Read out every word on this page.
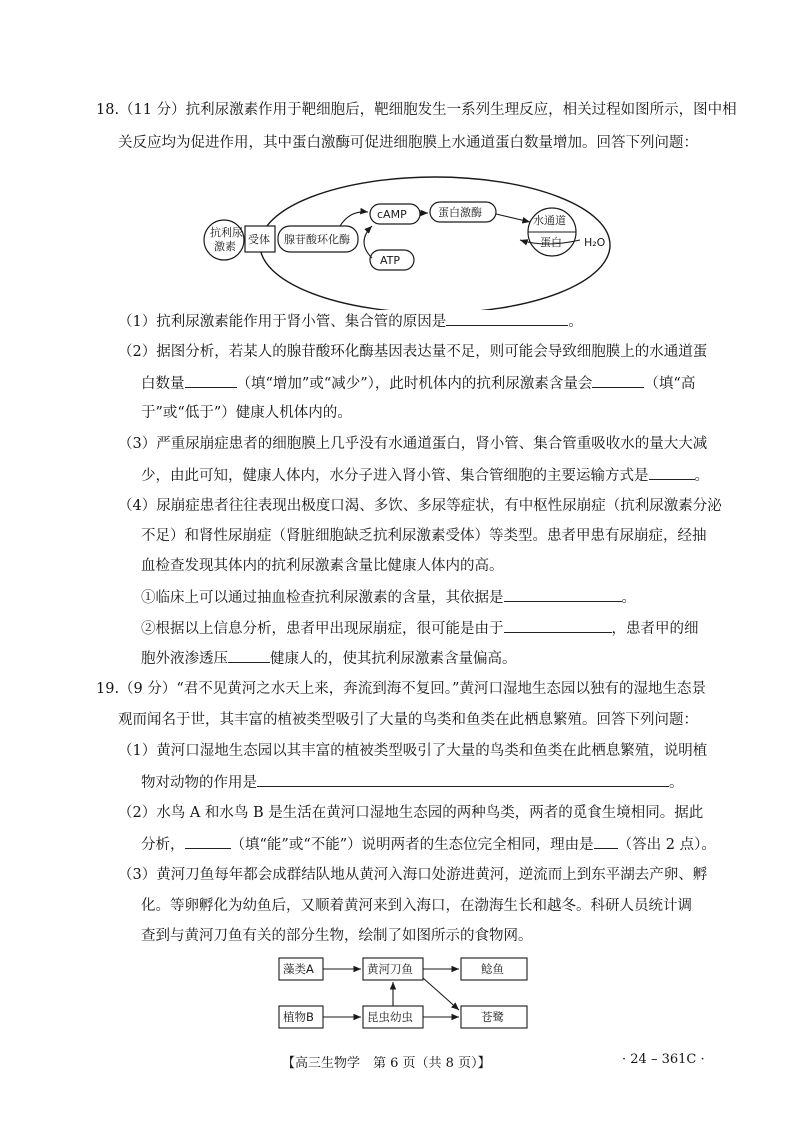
18.（11 分）抗利尿激素作用于靶细胞后，靶细胞发生一系列生理反应，相关过程如图所示，图中相
关反应均为促进作用，其中蛋白激酶可促进细胞膜上水通道蛋白数量增加。回答下列问题：
抗利尿
激素
受体 腺苷酸环化酶
cAMP
ATP
蛋白激酶
水通道
蛋白 H₂O
（1）抗利尿激素能作用于肾小管、集合管的原因是	。
（2）据图分析，若某人的腺苷酸环化酶基因表达量不足，则可能会导致细胞膜上的水通道蛋
白数量	（填“增加”或“减少”），此时机体内的抗利尿激素含量会	（填“高
于”或“低于”）健康人机体内的。
（3）严重尿崩症患者的细胞膜上几乎没有水通道蛋白，肾小管、集合管重吸收水的量大大减
少，由此可知，健康人体内，水分子进入肾小管、集合管细胞的主要运输方式是	。
（4）尿崩症患者往往表现出极度口渴、多饮、多尿等症状，有中枢性尿崩症（抗利尿激素分泌
不足）和肾性尿崩症（肾脏细胞缺乏抗利尿激素受体）等类型。患者甲患有尿崩症，经抽
血检查发现其体内的抗利尿激素含量比健康人体内的高。
①临床上可以通过抽血检查抗利尿激素的含量，其依据是	。
②根据以上信息分析，患者甲出现尿崩症，很可能是由于	，患者甲的细
胞外液渗透压	健康人的，使其抗利尿激素含量偏高。
19.（9 分）“君不见黄河之水天上来，奔流到海不复回。”黄河口湿地生态园以独有的湿地生态景
观而闻名于世，其丰富的植被类型吸引了大量的鸟类和鱼类在此栖息繁殖。回答下列问题：
（1）黄河口湿地生态园以其丰富的植被类型吸引了大量的鸟类和鱼类在此栖息繁殖，说明植
物对动物的作用是	。
（2）水鸟 A 和水鸟 B 是生活在黄河口湿地生态园的两种鸟类，两者的觅食生境相同。据此
分析，	（填“能”或“不能”）说明两者的生态位完全相同，理由是 （答出 2 点）。
（3）黄河刀鱼每年都会成群结队地从黄河入海口处游进黄河，逆流而上到东平湖去产卵、孵
化。等卵孵化为幼鱼后，又顺着黄河来到入海口，在渤海生长和越冬。科研人员统计调
查到与黄河刀鱼有关的部分生物，绘制了如图所示的食物网。
藻类A
植物B
黄河刀鱼
昆虫幼虫
鲶鱼
苍鹭
【高三生物学　第 6 页（共 8 页）】	· 24 – 361C ·
